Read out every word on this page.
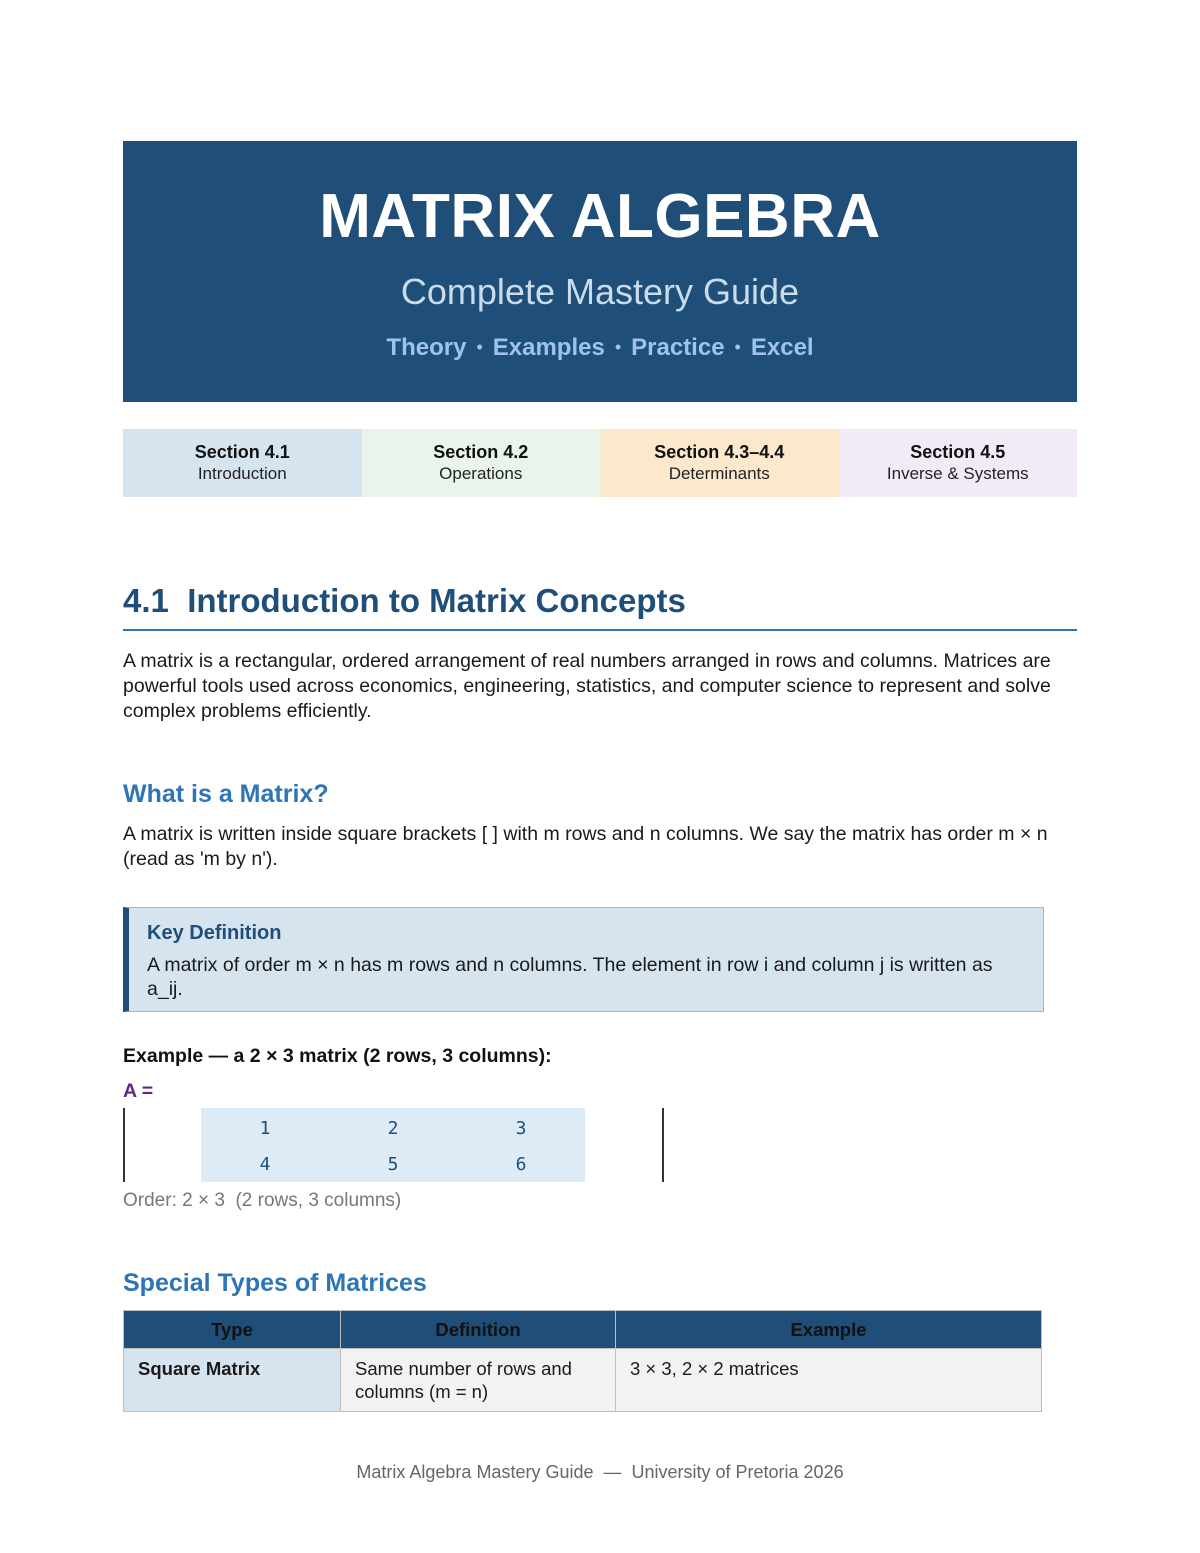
MATRIX ALGEBRA
Complete Mastery Guide
Theory • Examples • Practice • Excel
Section 4.1
Introduction
Section 4.2
Operations
Section 4.3–4.4
Determinants
Section 4.5
Inverse & Systems
4.1  Introduction to Matrix Concepts
A matrix is a rectangular, ordered arrangement of real numbers arranged in rows and columns. Matrices are powerful tools used across economics, engineering, statistics, and computer science to represent and solve complex problems efficiently.
What is a Matrix?
A matrix is written inside square brackets [ ] with m rows and n columns. We say the matrix has order m × n (read as 'm by n').
Key Definition
A matrix of order m × n has m rows and n columns. The element in row i and column j is written as a_ij.
Example — a 2 × 3 matrix (2 rows, 3 columns):
A =
1	2	3
4	5	6
Order: 2 × 3  (2 rows, 3 columns)
Special Types of Matrices
Type	Definition	Example
Square Matrix	Same number of rows and columns (m = n)	3 × 3, 2 × 2 matrices
Matrix Algebra Mastery Guide  —  University of Pretoria 2026
